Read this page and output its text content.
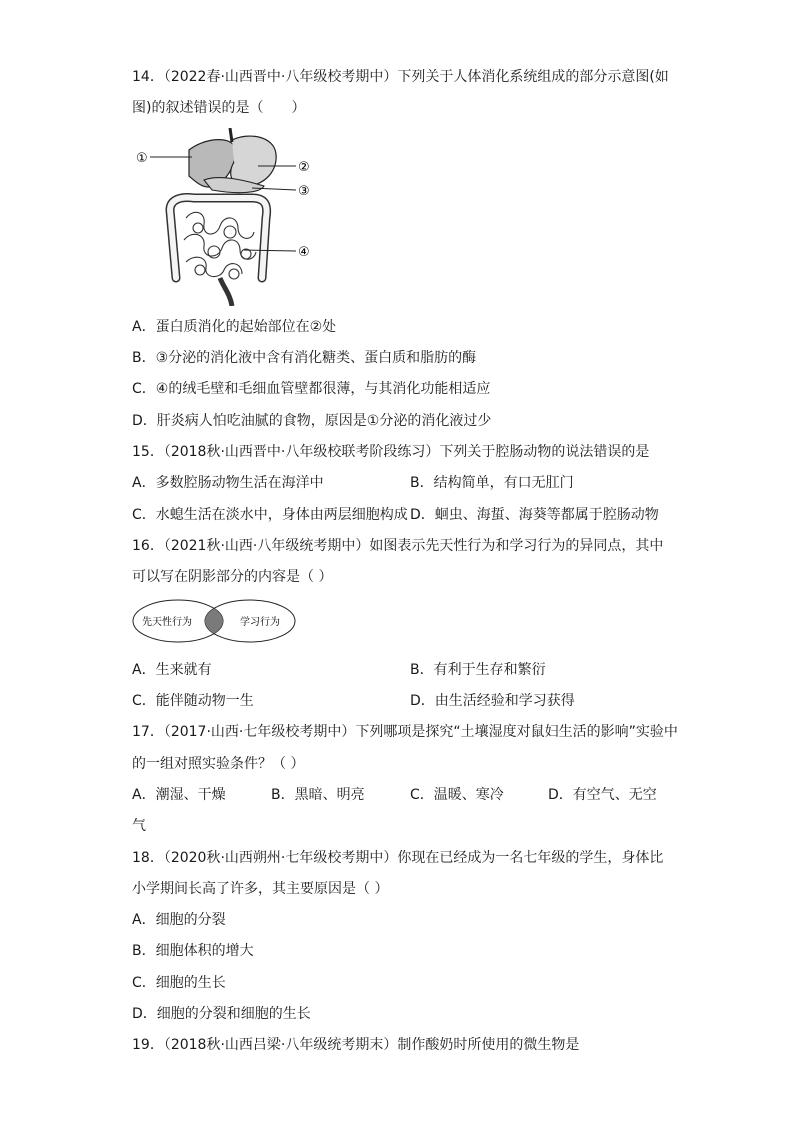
14．（2022春·山西晋中·八年级校考期中）下列关于人体消化系统组成的部分示意图(如
图)的叙述错误的是（　　）
①
②
③
④
A．蛋白质消化的起始部位在②处
B．③分泌的消化液中含有消化糖类、蛋白质和脂肪的酶
C．④的绒毛壁和毛细血管壁都很薄，与其消化功能相适应
D．肝炎病人怕吃油腻的食物，原因是①分泌的消化液过少
15．（2018秋·山西晋中·八年级校联考阶段练习）下列关于腔肠动物的说法错误的是
A．多数腔肠动物生活在海洋中	B．结构简单，有口无肛门
C．水螅生活在淡水中，身体由两层细胞构成 D．蛔虫、海蜇、海葵等都属于腔肠动物
16．（2021秋·山西·八年级统考期中）如图表示先天性行为和学习行为的异同点，其中
可以写在阴影部分的内容是（ ）
先天性行为	学习行为
A．生来就有	B．有利于生存和繁衍
C．能伴随动物一生	D．由生活经验和学习获得
17．（2017·山西·七年级校考期中）下列哪项是探究“土壤湿度对鼠妇生活的影响”实验中
的一组对照实验条件？（ ）
A．潮湿、干燥	B．黑暗、明亮	C．温暖、寒冷	D．有空气、无空
气
18．（2020秋·山西朔州·七年级校考期中）你现在已经成为一名七年级的学生，身体比
小学期间长高了许多，其主要原因是（ ）
A．细胞的分裂
B．细胞体积的增大
C．细胞的生长
D．细胞的分裂和细胞的生长
19．（2018秋·山西吕梁·八年级统考期末）制作酸奶时所使用的微生物是
